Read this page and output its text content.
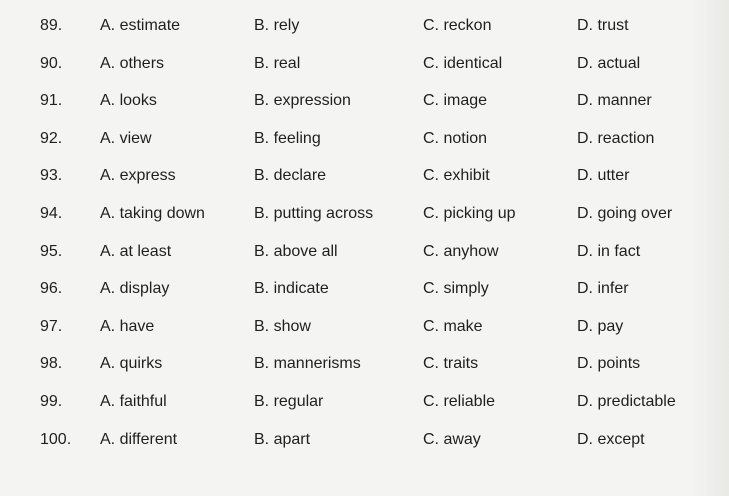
89. A. estimate	B. rely	C. reckon	D. trust
90. A. others	B. real	C. identical	D. actual
91. A. looks	B. expression	C. image	D. manner
92. A. view	B. feeling	C. notion	D. reaction
93. A. express	B. declare	C. exhibit	D. utter
94. A. taking down	B. putting across	C. picking up	D. going over
95. A. at least	B. above all	C. anyhow	D. in fact
96. A. display	B. indicate	C. simply	D. infer
97. A. have	B. show	C. make	D. pay
98. A. quirks	B. mannerisms	C. traits	D. points
99. A. faithful	B. regular	C. reliable	D. predictable
100. A. different	B. apart	C. away	D. except
